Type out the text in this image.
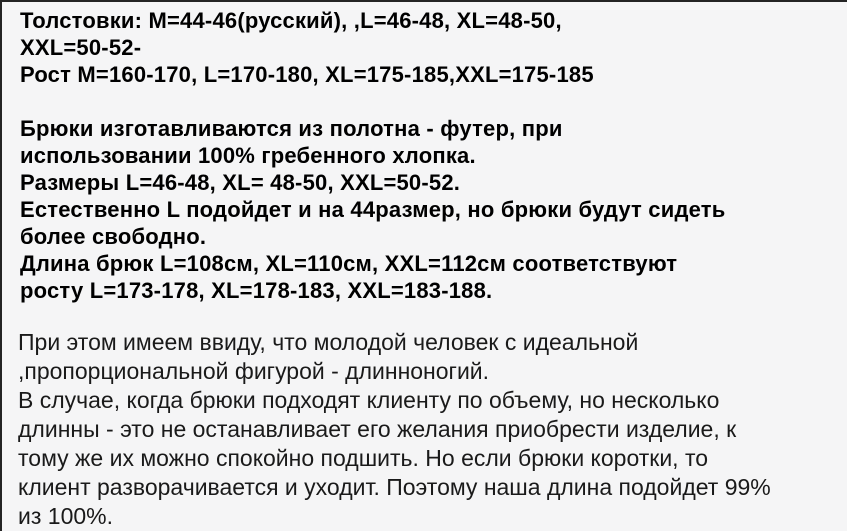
Толстовки: M=44-46(русский), ,L=46-48, XL=48-50,
XXL=50-52-
Рост M=160-170, L=170-180, XL=175-185,XXL=175-185
Брюки изготавливаются из полотна - футер, при
использовании 100% гребенного хлопка.
Размеры L=46-48, XL= 48-50, XXL=50-52.
Естественно L подойдет и на 44размер, но брюки будут сидеть
более свободно.
Длина брюк L=108см, XL=110см, XXL=112см соответствуют
росту L=173-178, XL=178-183, XXL=183-188.
При этом имеем ввиду, что молодой человек с идеальной
,пропорциональной фигурой - длинноногий.
В случае, когда брюки подходят клиенту по объему, но несколько
длинны - это не останавливает его желания приобрести изделие, к
тому же их можно спокойно подшить. Но если брюки коротки, то
клиент разворачивается и уходит. Поэтому наша длина подойдет 99%
из 100%.
